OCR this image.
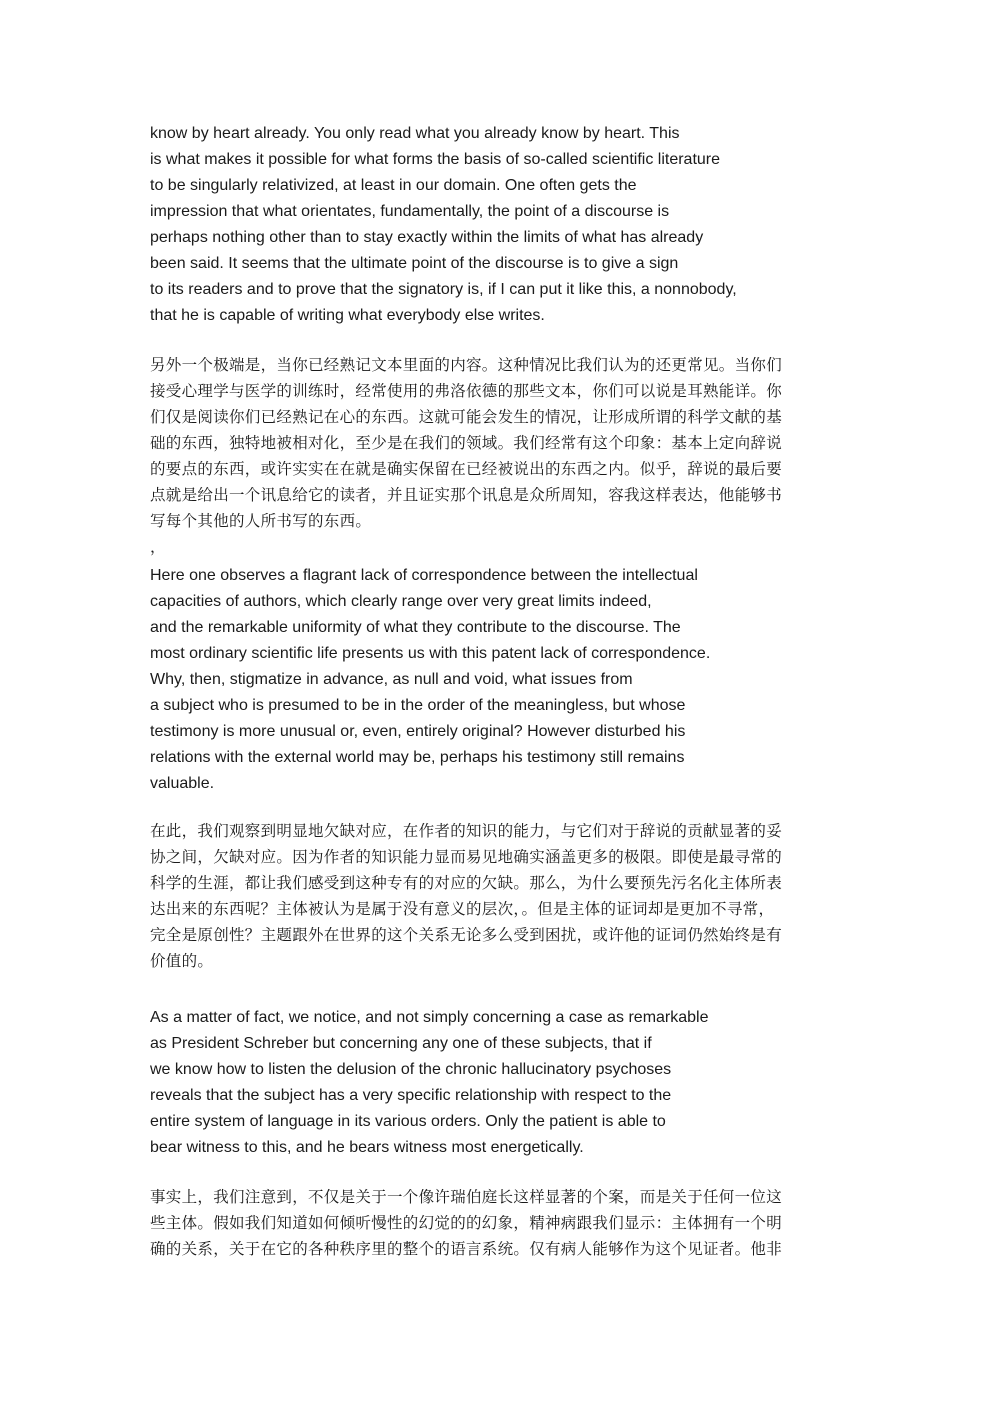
know by heart already. You only read what you already know by heart. This
is what makes it possible for what forms the basis of so-called scientific literature
to be singularly relativized, at least in our domain. One often gets the
impression that what orientates, fundamentally, the point of a discourse is
perhaps nothing other than to stay exactly within the limits of what has already
been said. It seems that the ultimate point of the discourse is to give a sign
to its readers and to prove that the signatory is, if I can put it like this, a nonnobody,
that he is capable of writing what everybody else writes.
另外一个极端是，当你已经熟记文本里面的内容。这种情况比我们认为的还更常见。当你们
接受心理学与医学的训练时，经常使用的弗洛依德的那些文本，你们可以说是耳熟能详。你
们仅是阅读你们已经熟记在心的东西。这就可能会发生的情况，让形成所谓的科学文献的基
础的东西，独特地被相对化，至少是在我们的领域。我们经常有这个印象：基本上定向辞说
的要点的东西，或许实实在在就是确实保留在已经被说出的东西之内。似乎，辞说的最后要
点就是给出一个讯息给它的读者，并且证实那个讯息是众所周知，容我这样表达，他能够书
写每个其他的人所书写的东西。
，
Here one observes a flagrant lack of correspondence between the intellectual
capacities of authors, which clearly range over very great limits indeed,
and the remarkable uniformity of what they contribute to the discourse. The
most ordinary scientific life presents us with this patent lack of correspondence.
Why, then, stigmatize in advance, as null and void, what issues from
a subject who is presumed to be in the order of the meaningless, but whose
testimony is more unusual or, even, entirely original? However disturbed his
relations with the external world may be, perhaps his testimony still remains
valuable.
在此，我们观察到明显地欠缺对应，在作者的知识的能力，与它们对于辞说的贡献显著的妥
协之间，欠缺对应。因为作者的知识能力显而易见地确实涵盖更多的极限。即使是最寻常的
科学的生涯，都让我们感受到这种专有的对应的欠缺。那么，为什么要预先污名化主体所表
达出来的东西呢？主体被认为是属于没有意义的层次，。但是主体的证词却是更加不寻常，
完全是原创性？主题跟外在世界的这个关系无论多么受到困扰，或许他的证词仍然始终是有
价值的。
As a matter of fact, we notice, and not simply concerning a case as remarkable
as President Schreber but concerning any one of these subjects, that if
we know how to listen the delusion of the chronic hallucinatory psychoses
reveals that the subject has a very specific relationship with respect to the
entire system of language in its various orders. Only the patient is able to
bear witness to this, and he bears witness most energetically.
事实上，我们注意到，不仅是关于一个像许瑞伯庭长这样显著的个案，而是关于任何一位这
些主体。假如我们知道如何倾听慢性的幻觉的的幻象，精神病跟我们显示：主体拥有一个明
确的关系，关于在它的各种秩序里的整个的语言系统。仅有病人能够作为这个见证者。他非
